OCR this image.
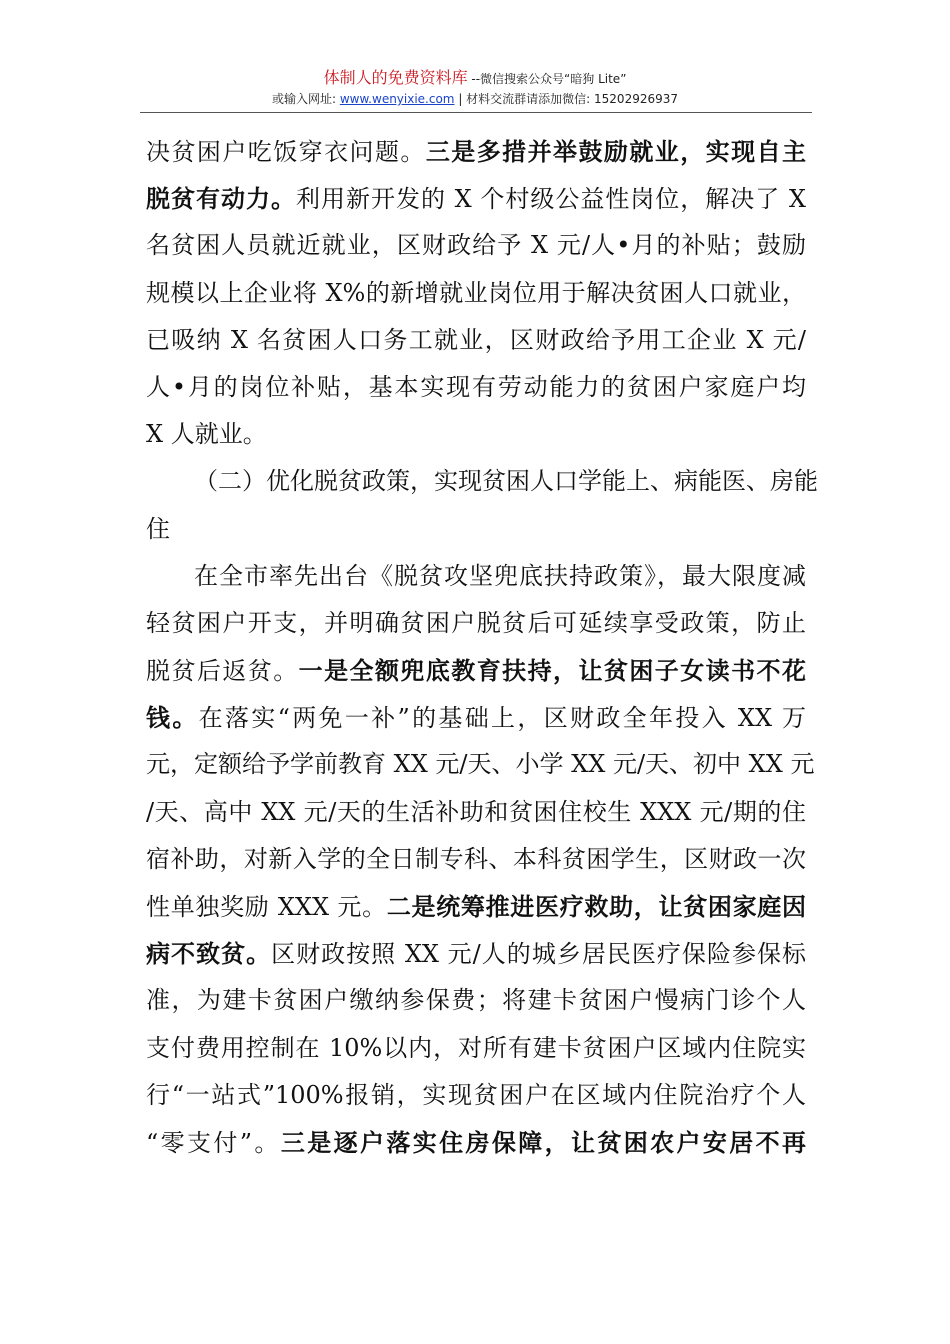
体制人的免费资料库 --微信搜索公众号“暗狗 Lite”
或输入网址: www.wenyixie.com | 材料交流群请添加微信: 15202926937
决贫困户吃饭穿衣问题。三是多措并举鼓励就业，实现自主
脱贫有动力。利用新开发的 X 个村级公益性岗位，解决了 X
名贫困人员就近就业，区财政给予 X 元/人•月的补贴；鼓励
规模以上企业将 X%的新增就业岗位用于解决贫困人口就业，
已吸纳 X 名贫困人口务工就业，区财政给予用工企业 X 元/
人•月的岗位补贴，基本实现有劳动能力的贫困户家庭户均
X 人就业。
（二）优化脱贫政策，实现贫困人口学能上、病能医、房能
住
在全市率先出台《脱贫攻坚兜底扶持政策》，最大限度减
轻贫困户开支，并明确贫困户脱贫后可延续享受政策，防止
脱贫后返贫。一是全额兜底教育扶持，让贫困子女读书不花
钱。在落实“两免一补”的基础上，区财政全年投入 XX 万
元，定额给予学前教育 XX 元/天、小学 XX 元/天、初中 XX 元
/天、高中 XX 元/天的生活补助和贫困住校生 XXX 元/期的住
宿补助，对新入学的全日制专科、本科贫困学生，区财政一次
性单独奖励 XXX 元。二是统筹推进医疗救助，让贫困家庭因
病不致贫。区财政按照 XX 元/人的城乡居民医疗保险参保标
准，为建卡贫困户缴纳参保费；将建卡贫困户慢病门诊个人
支付费用控制在 10%以内，对所有建卡贫困户区域内住院实
行“一站式”100%报销，实现贫困户在区域内住院治疗个人
“零支付”。三是逐户落实住房保障，让贫困农户安居不再
